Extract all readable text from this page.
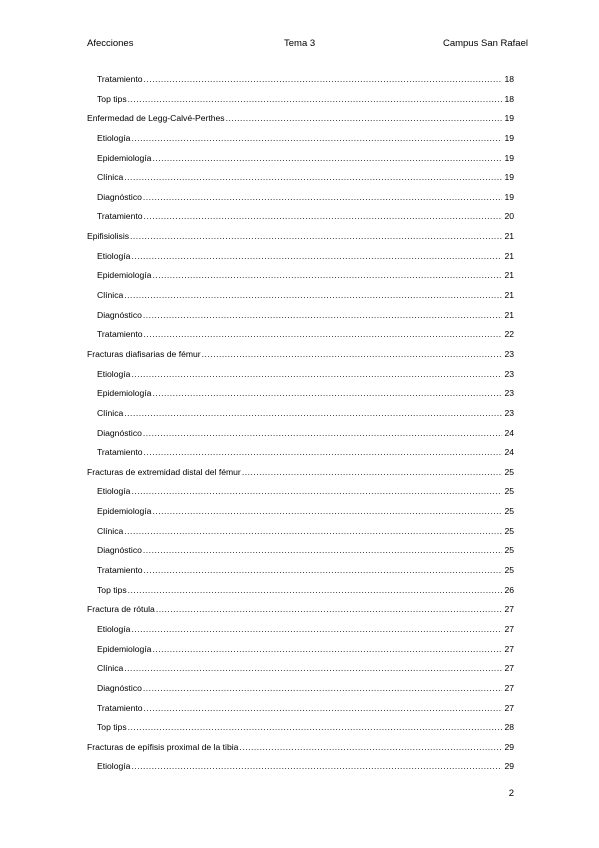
Afecciones	Tema 3	Campus San Rafael
Tratamiento .....	18
Top tips .....	18
Enfermedad de Legg-Calvé-Perthes .....	19
Etiología .....	19
Epidemiología .....	19
Clínica .....	19
Diagnóstico .....	19
Tratamiento .....	20
Epifisiolisis .....	21
Etiología .....	21
Epidemiología .....	21
Clínica .....	21
Diagnóstico .....	21
Tratamiento .....	22
Fracturas diafisarias de fémur .....	23
Etiología .....	23
Epidemiología .....	23
Clínica .....	23
Diagnóstico .....	24
Tratamiento .....	24
Fracturas de extremidad distal del fémur .....	25
Etiología .....	25
Epidemiología .....	25
Clínica .....	25
Diagnóstico .....	25
Tratamiento .....	25
Top tips .....	26
Fractura de rótula .....	27
Etiología .....	27
Epidemiología .....	27
Clínica .....	27
Diagnóstico .....	27
Tratamiento .....	27
Top tips .....	28
Fracturas de epífisis proximal de la tibia .....	29
Etiología .....	29
2
